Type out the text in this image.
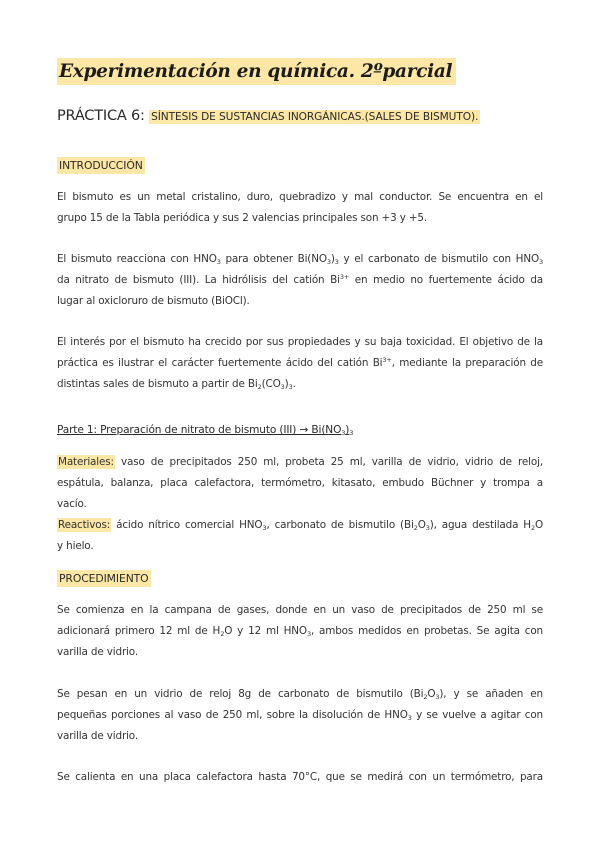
Experimentación en química. 2ºparcial
PRÁCTICA 6: SÍNTESIS DE SUSTANCIAS INORGÁNICAS.(SALES DE BISMUTO).
INTRODUCCIÓN
El bismuto es un metal cristalino, duro, quebradizo y mal conductor. Se encuentra en el
grupo 15 de la Tabla periódica y sus 2 valencias principales son +3 y +5.
El bismuto reacciona con $HNO_3$ para obtener $Bi(NO_3)_3$ y el carbonato de bismutilo con $HNO_3$
da nitrato de bismuto (III). La hidrólisis del catión $Bi^{3+}$ en medio no fuertemente ácido da
lugar al oxicloruro de bismuto (BiOCl).
El interés por el bismuto ha crecido por sus propiedades y su baja toxicidad. El objetivo de la
práctica es ilustrar el carácter fuertemente ácido del catión $Bi^{3+}$, mediante la preparación de
distintas sales de bismuto a partir de $Bi_2(CO_3)_3$.
Parte 1: Preparación de nitrato de bismuto $(III) \to Bi(NO_3)_3$
Materiales: vaso de precipitados 250 ml, probeta 25 ml, varilla de vidrio, vidrio de reloj,
espátula, balanza, placa calefactora, termómetro, kitasato, embudo Büchner y trompa a
vacío.
Reactivos: ácido nítrico comercial $HNO_3$, carbonato de bismutilo $(Bi_2O_3)$, agua destilada $H_2O$
y hielo.
PROCEDIMIENTO
Se comienza en la campana de gases, donde en un vaso de precipitados de 250 ml se
adicionará primero 12 ml de $H_2O$ y 12 ml $HNO_3$, ambos medidos en probetas. Se agita con
varilla de vidrio.
Se pesan en un vidrio de reloj 8g de carbonato de bismutilo $(Bi_2O_3)$, y se añaden en
pequeñas porciones al vaso de 250 ml, sobre la disolución de $HNO_3$ y se vuelve a agitar con
varilla de vidrio.
Se calienta en una placa calefactora hasta 70°C, que se medirá con un termómetro, para
